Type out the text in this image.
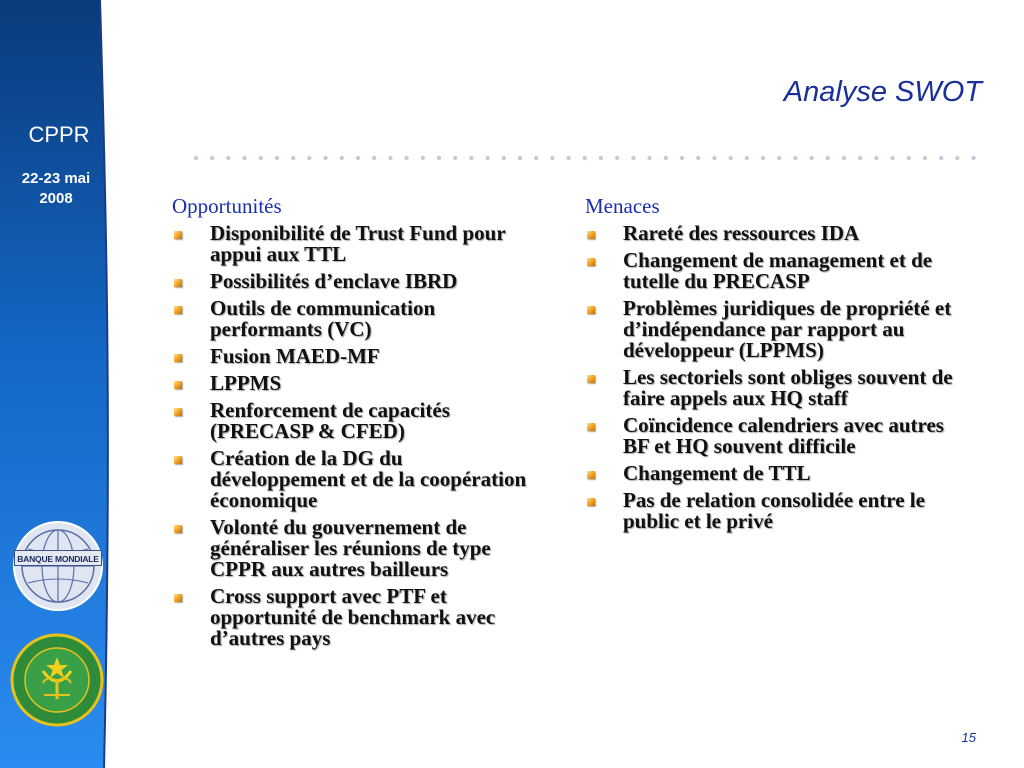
CPPR
22-23 mai
2008
BANQUE MONDIALE
Analyse SWOT
Opportunités
Disponibilité de Trust Fund pour appui aux TTL
Possibilités d’enclave IBRD
Outils de communication performants (VC)
Fusion MAED-MF
LPPMS
Renforcement de capacités (PRECASP & CFED)
Création de la DG du développement et de la coopération économique
Volonté du gouvernement de généraliser les réunions de type CPPR aux autres bailleurs
Cross support avec PTF et opportunité de benchmark avec d’autres pays
Menaces
Rareté des ressources IDA
Changement de management et de tutelle du PRECASP
Problèmes juridiques de propriété et d’indépendance par rapport au développeur (LPPMS)
Les sectoriels sont obliges souvent de faire appels aux HQ staff
Coïncidence calendriers avec autres BF et HQ souvent difficile
Changement de TTL
Pas de relation consolidée entre le public et le privé
15
